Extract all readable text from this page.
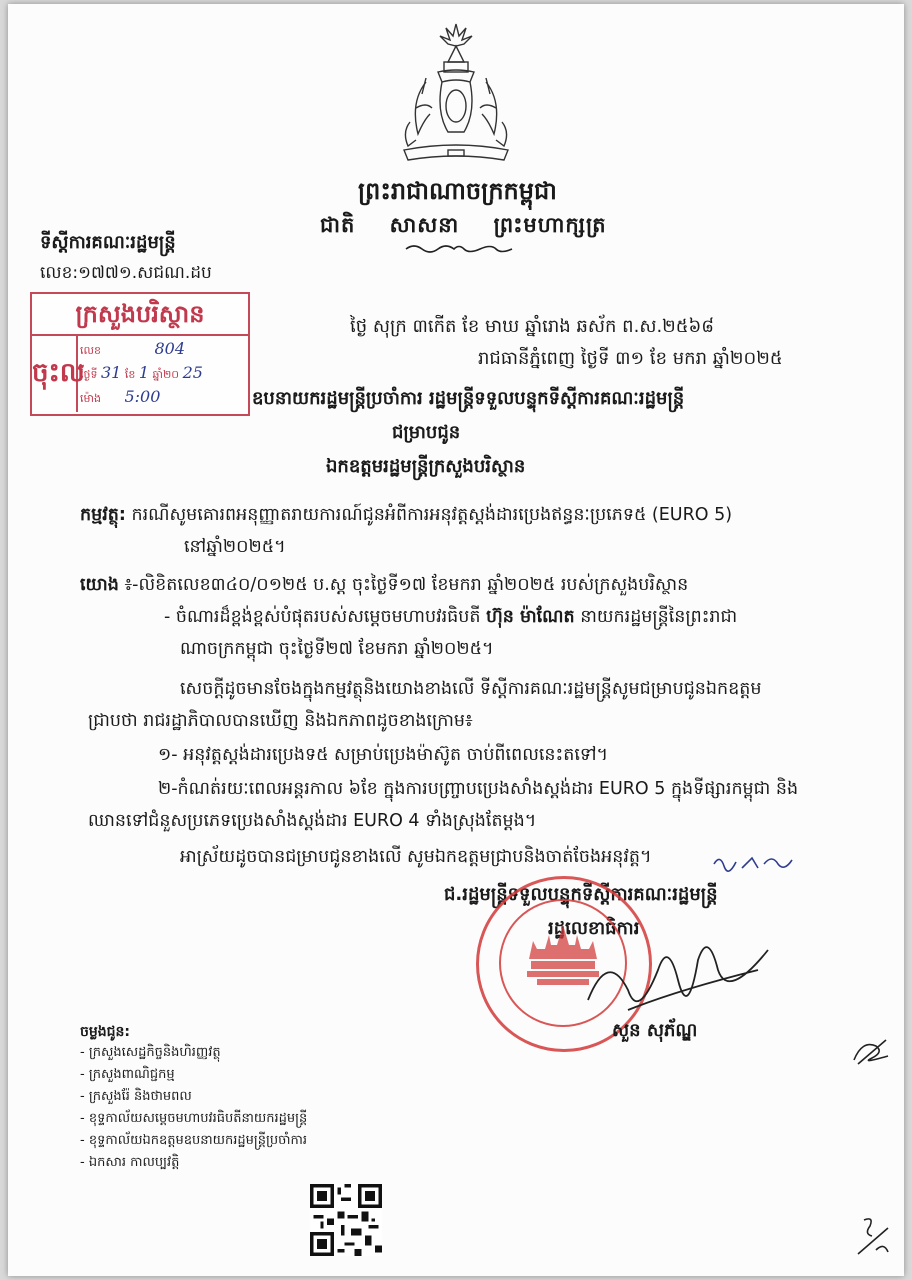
ព្រះរាជាណាចក្រកម្ពុជា
ជាតិ សាសនា ព្រះមហាក្សត្រ
ទីស្ដីការគណៈរដ្ឋមន្ត្រី
លេខ:១៧៧១.សជណ.ដប
ក្រសួងបរិស្ថាន
ចុះល
លេខ	804
ថ្ងៃទី 31 ខែ 1 ឆ្នាំ២០ 25
ម៉ោង 5:00
ថ្ងៃ សុក្រ ៣កើត ខែ មាឃ ឆ្នាំរោង ឆស័ក ព.ស.២៥៦៨
រាជធានីភ្នំពេញ ថ្ងៃទី ៣១ ខែ មករា ឆ្នាំ២០២៥
ឧបនាយករដ្ឋមន្ត្រីប្រចាំការ រដ្ឋមន្ត្រីទទួលបន្ទុកទីស្ដីការគណៈរដ្ឋមន្ត្រី
ជម្រាបជូន
ឯកឧត្តមរដ្ឋមន្ត្រីក្រសួងបរិស្ថាន
កម្មវត្ថុ: ករណីសូមគោរពអនុញ្ញាតរាយការណ៍ជូនអំពីការអនុវត្តស្តង់ដារប្រេងឥន្ធនៈប្រភេទ៥ (EURO 5)
នៅឆ្នាំ២០២៥។
យោង ៖-លិខិតលេខ៣៤០/០១២៥ ប.ស្ត ចុះថ្ងៃទី១៧ ខែមករា ឆ្នាំ២០២៥ របស់ក្រសួងបរិស្ថាន
- ចំណារដ៏ខ្ពង់ខ្ពស់បំផុតរបស់សម្ដេចមហាបវរធិបតី ហ៊ុន ម៉ាណែត នាយករដ្ឋមន្ត្រីនៃព្រះរាជា
ណាចក្រកម្ពុជា ចុះថ្ងៃទី២៧ ខែមករា ឆ្នាំ២០២៥។
សេចក្ដីដូចមានចែងក្នុងកម្មវត្ថុនិងយោងខាងលើ ទីស្ដីការគណៈរដ្ឋមន្ត្រីសូមជម្រាបជូនឯកឧត្តម
ជ្រាបថា រាជរដ្ឋាភិបាលបានឃើញ និងឯកភាពដូចខាងក្រោម៖
១- អនុវត្តស្តង់ដារប្រេងទ៥ សម្រាប់ប្រេងម៉ាស៊ូត ចាប់ពីពេលនេះតទៅ។
២-កំណត់រយៈពេលអន្តរកាល ៦ខែ ក្នុងការបញ្ច្រាបប្រេងសាំងស្តង់ដារ EURO 5 ក្នុងទីផ្សារកម្ពុជា និង
ឈានទៅជំនួសប្រភេទប្រេងសាំងស្តង់ដារ EURO 4 ទាំងស្រុងតែម្តង។
អាស្រ័យដូចបានជម្រាបជូនខាងលើ សូមឯកឧត្តមជ្រាបនិងចាត់ចែងអនុវត្ត។
ជ.រដ្ឋមន្ត្រីទទួលបន្ទុកទីស្ដីការគណៈរដ្ឋមន្ត្រី
រដ្ឋលេខាធិការ
សួន សុភ័ណ្ឌ
ចម្លងជូន:
- ក្រសួងសេដ្ឋកិច្ចនិងហិរញ្ញវត្ថុ
- ក្រសួងពាណិជ្ជកម្ម
- ក្រសួងរ៉ែ និងថាមពល
- ខុទ្ទកាល័យសម្ដេចមហាបវរធិបតីនាយករដ្ឋមន្ត្រី
- ខុទ្ទកាល័យឯកឧត្តមឧបនាយករដ្ឋមន្ត្រីប្រចាំការ
- ឯកសារ កាលប្បវត្តិ
